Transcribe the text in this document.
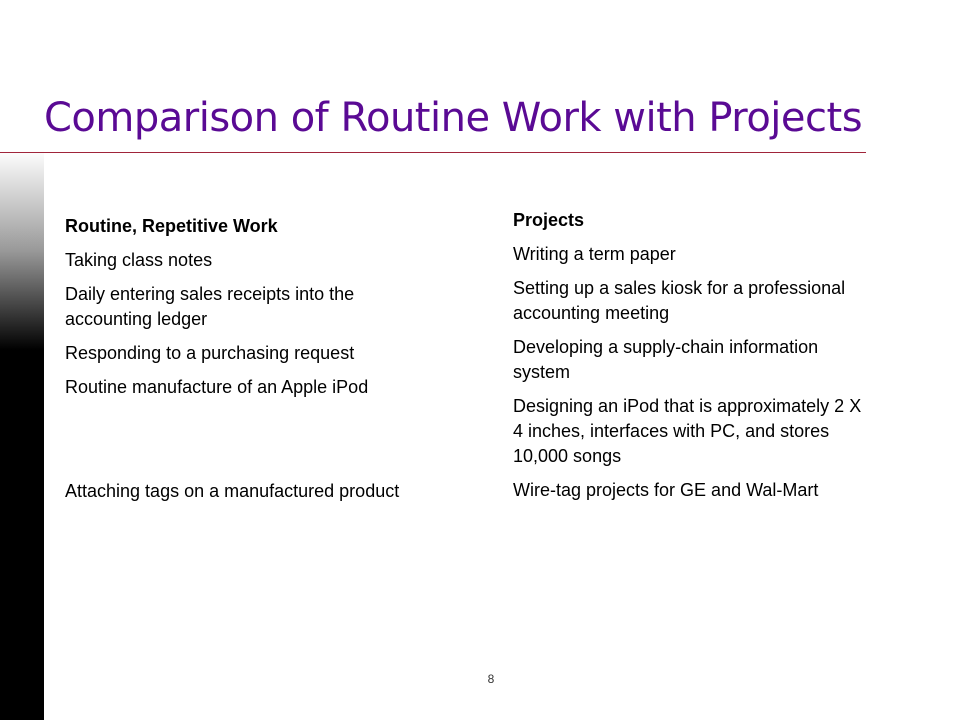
Comparison of Routine Work with Projects
Routine, Repetitive Work
Taking class notes
Daily entering sales receipts into the accounting ledger
Responding to a purchasing request
Routine manufacture of an Apple iPod
Attaching tags on a manufactured product
Projects
Writing a term paper
Setting up a sales kiosk for a professional accounting meeting
Developing a supply-chain information system
Designing an iPod that is approximately 2 X 4 inches, interfaces with PC, and stores 10,000 songs
Wire-tag projects for GE and Wal-Mart
8
